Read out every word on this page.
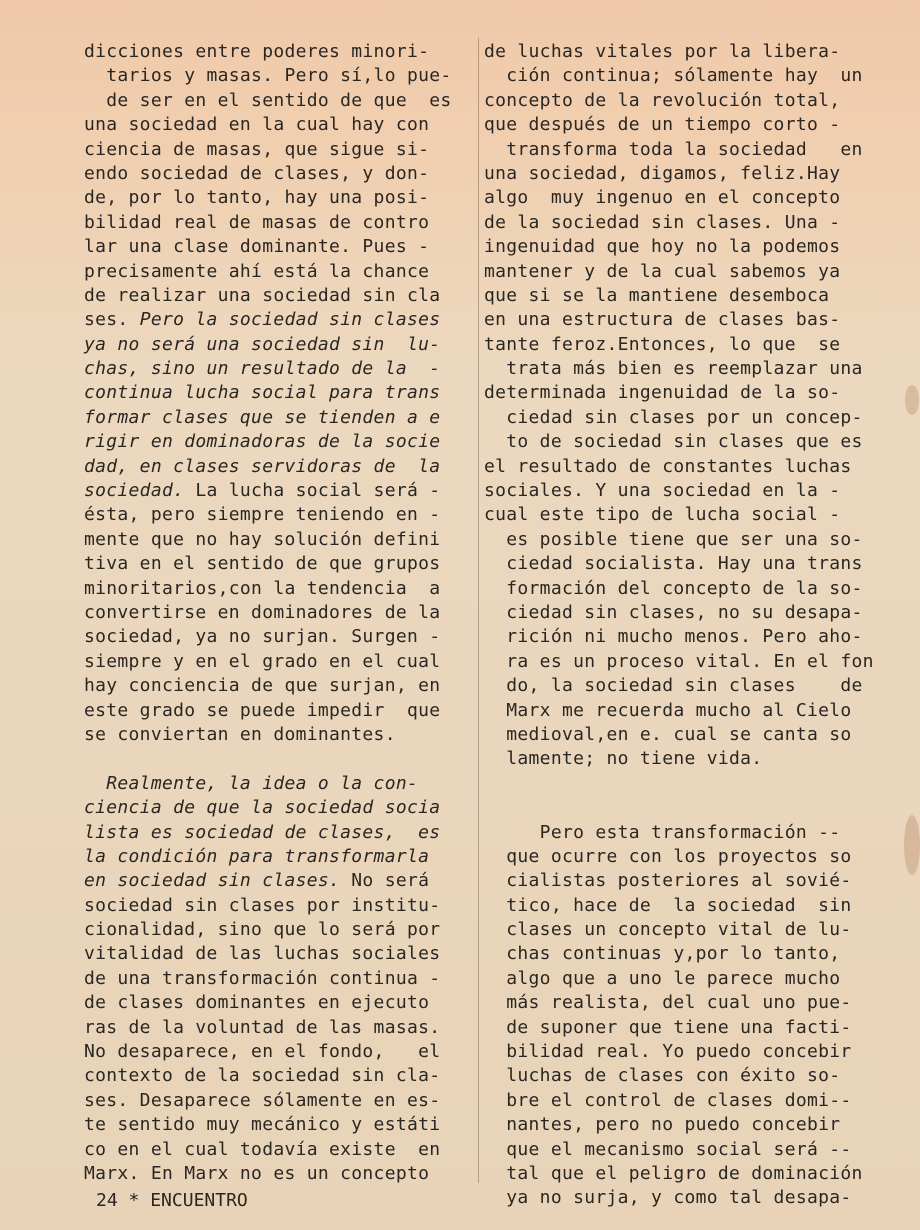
dicciones entre poderes minori-
tarios y masas. Pero sí,lo pue-
de ser en el sentido de que  es
una sociedad en la cual hay con
ciencia de masas, que sigue si-
endo sociedad de clases, y don-
de, por lo tanto, hay una posi-
bilidad real de masas de contro
lar una clase dominante. Pues -
precisamente ahí está la chance
de realizar una sociedad sin cla
ses. Pero la sociedad sin clases
ya no será una sociedad sin  lu-
chas, sino un resultado de la  -
continua lucha social para trans
formar clases que se tienden a e
rigir en dominadoras de la socie
dad, en clases servidoras de  la
sociedad. La lucha social será -
ésta, pero siempre teniendo en -
mente que no hay solución defini
tiva en el sentido de que grupos
minoritarios,con la tendencia  a
convertirse en dominadores de la
sociedad, ya no surjan. Surgen -
siempre y en el grado en el cual
hay conciencia de que surjan, en
este grado se puede impedir  que
se conviertan en dominantes.
Realmente, la idea o la con-
ciencia de que la sociedad socia
lista es sociedad de clases,  es
la condición para transformarla
en sociedad sin clases. No será
sociedad sin clases por institu-
cionalidad, sino que lo será por
vitalidad de las luchas sociales
de una transformación continua -
de clases dominantes en ejecuto
ras de la voluntad de las masas.
No desaparece, en el fondo,   el
contexto de la sociedad sin cla-
ses. Desaparece sólamente en es-
te sentido muy mecánico y estáti
co en el cual todavía existe  en
Marx. En Marx no es un concepto
de luchas vitales por la libera-
ción continua; sólamente hay  un
concepto de la revolución total,
que después de un tiempo corto -
transforma toda la sociedad   en
una sociedad, digamos, feliz.Hay
algo  muy ingenuo en el concepto
de la sociedad sin clases. Una -
ingenuidad que hoy no la podemos
mantener y de la cual sabemos ya
que si se la mantiene desemboca
en una estructura de clases bas-
tante feroz.Entonces, lo que  se
trata más bien es reemplazar una
determinada ingenuidad de la so-
ciedad sin clases por un concep-
to de sociedad sin clases que es
el resultado de constantes luchas
sociales. Y una sociedad en la -
cual este tipo de lucha social -
es posible tiene que ser una so-
ciedad socialista. Hay una trans
formación del concepto de la so-
ciedad sin clases, no su desapa-
rición ni mucho menos. Pero aho-
ra es un proceso vital. En el fon
do, la sociedad sin clases    de
Marx me recuerda mucho al Cielo
medioval,en e. cual se canta so
lamente; no tiene vida.
Pero esta transformación --
que ocurre con los proyectos so
cialistas posteriores al sovié-
tico, hace de  la sociedad  sin
clases un concepto vital de lu-
chas continuas y,por lo tanto,
algo que a uno le parece mucho
más realista, del cual uno pue-
de suponer que tiene una facti-
bilidad real. Yo puedo concebir
luchas de clases con éxito so-
bre el control de clases domi--
nantes, pero no puedo concebir
que el mecanismo social será --
tal que el peligro de dominación
ya no surja, y como tal desapa-
24 * ENCUENTRO
